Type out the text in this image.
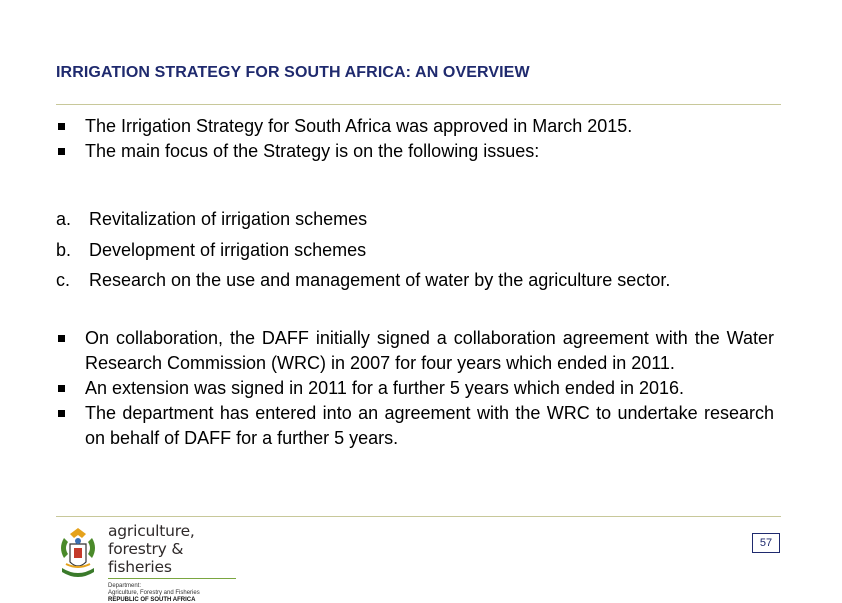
IRRIGATION STRATEGY FOR SOUTH AFRICA: AN OVERVIEW
The Irrigation Strategy for South Africa was approved in March 2015.
The main focus of the Strategy is on the following issues:
a. Revitalization of irrigation schemes
b. Development of irrigation schemes
c. Research on the use and management of water by the agriculture sector.
On collaboration, the DAFF initially signed a collaboration agreement with the Water Research Commission (WRC) in 2007 for four years which ended in 2011.
An extension was signed in 2011 for a further 5 years which ended in 2016.
The department has entered into an agreement with the WRC to undertake research on behalf of DAFF for a further 5 years.
agriculture,
forestry & fisheries
Department:
Agriculture, Forestry and Fisheries
REPUBLIC OF SOUTH AFRICA
57
